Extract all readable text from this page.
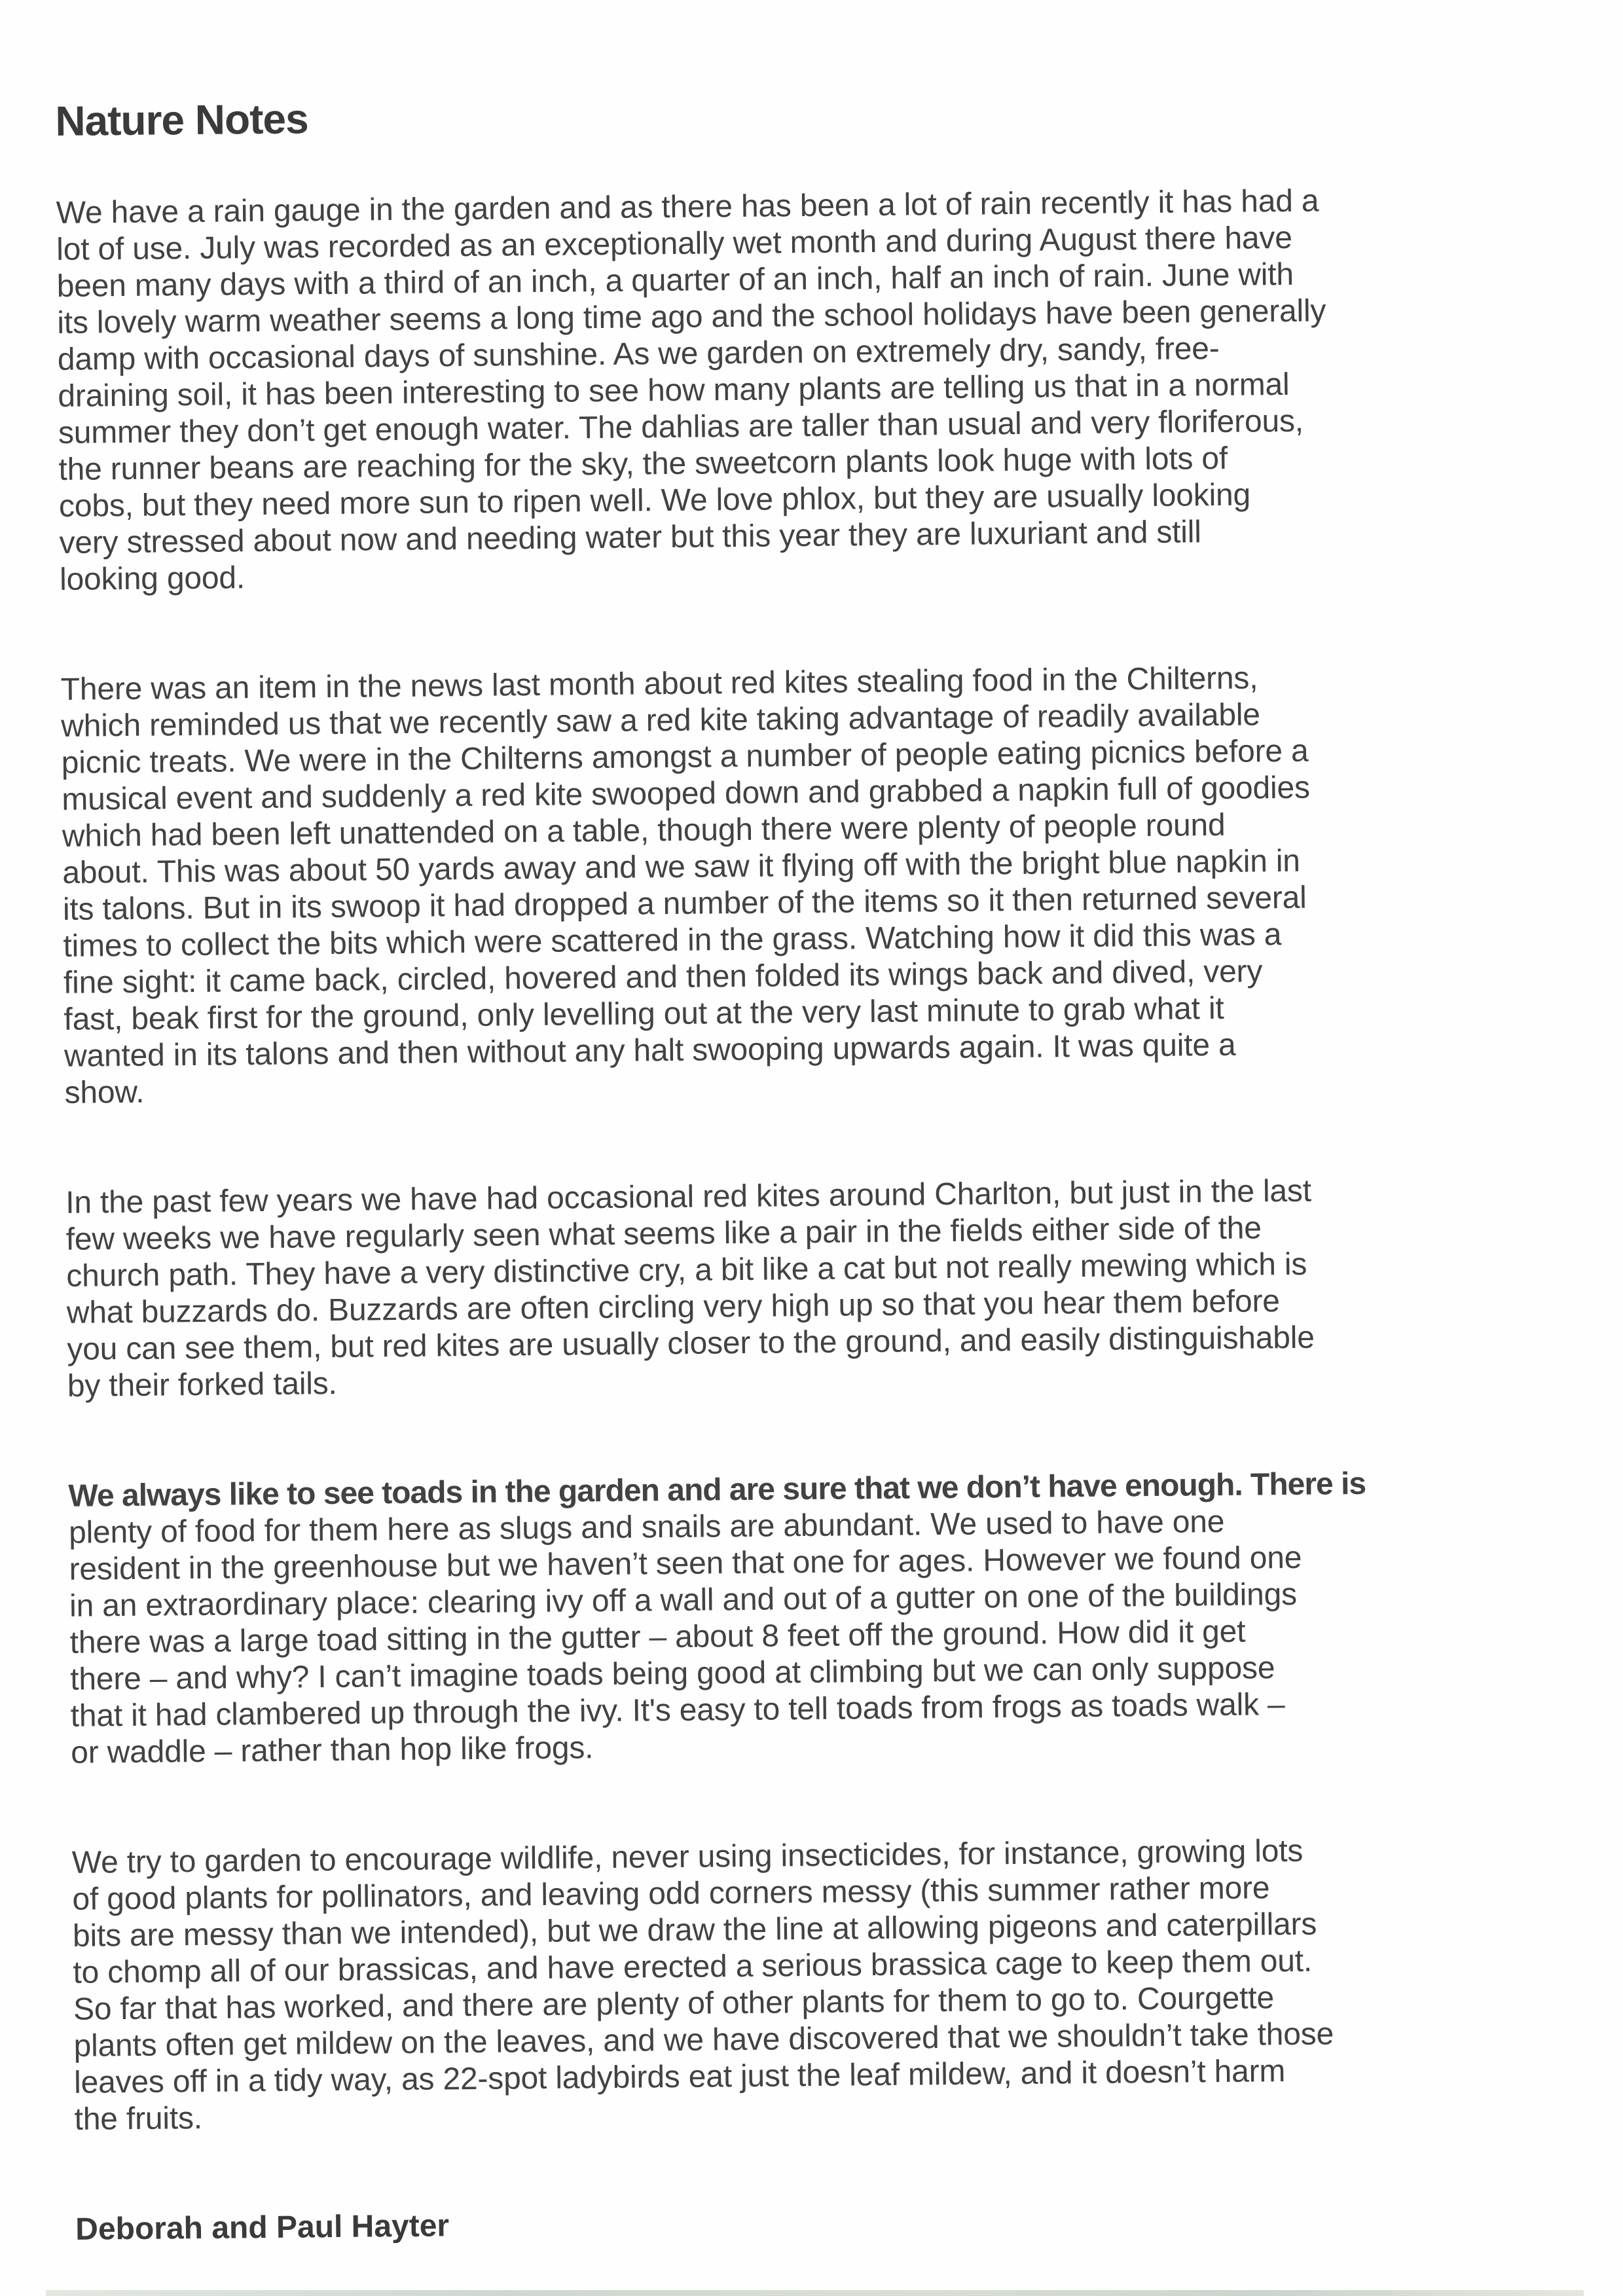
Nature Notes

We have a rain gauge in the garden and as there has been a lot of rain recently it has had a
lot of use. July was recorded as an exceptionally wet month and during August there have
been many days with a third of an inch, a quarter of an inch, half an inch of rain. June with
its lovely warm weather seems a long time ago and the school holidays have been generally
damp with occasional days of sunshine. As we garden on extremely dry, sandy, free-
draining soil, it has been interesting to see how many plants are telling us that in a normal
summer they don’t get enough water. The dahlias are taller than usual and very floriferous,
the runner beans are reaching for the sky, the sweetcorn plants look huge with lots of
cobs, but they need more sun to ripen well. We love phlox, but they are usually looking
very stressed about now and needing water but this year they are luxuriant and still
looking good.

There was an item in the news last month about red kites stealing food in the Chilterns,
which reminded us that we recently saw a red kite taking advantage of readily available
picnic treats. We were in the Chilterns amongst a number of people eating picnics before a
musical event and suddenly a red kite swooped down and grabbed a napkin full of goodies
which had been left unattended on a table, though there were plenty of people round
about. This was about 50 yards away and we saw it flying off with the bright blue napkin in
its talons. But in its swoop it had dropped a number of the items so it then returned several
times to collect the bits which were scattered in the grass. Watching how it did this was a
fine sight: it came back, circled, hovered and then folded its wings back and dived, very
fast, beak first for the ground, only levelling out at the very last minute to grab what it
wanted in its talons and then without any halt swooping upwards again. It was quite a
show.

In the past few years we have had occasional red kites around Charlton, but just in the last
few weeks we have regularly seen what seems like a pair in the fields either side of the
church path. They have a very distinctive cry, a bit like a cat but not really mewing which is
what buzzards do. Buzzards are often circling very high up so that you hear them before
you can see them, but red kites are usually closer to the ground, and easily distinguishable
by their forked tails.

We always like to see toads in the garden and are sure that we don’t have enough. There is
plenty of food for them here as slugs and snails are abundant. We used to have one
resident in the greenhouse but we haven’t seen that one for ages. However we found one
in an extraordinary place: clearing ivy off a wall and out of a gutter on one of the buildings
there was a large toad sitting in the gutter – about 8 feet off the ground. How did it get
there – and why? I can’t imagine toads being good at climbing but we can only suppose
that it had clambered up through the ivy. It's easy to tell toads from frogs as toads walk –
or waddle – rather than hop like frogs.

We try to garden to encourage wildlife, never using insecticides, for instance, growing lots
of good plants for pollinators, and leaving odd corners messy (this summer rather more
bits are messy than we intended), but we draw the line at allowing pigeons and caterpillars
to chomp all of our brassicas, and have erected a serious brassica cage to keep them out.
So far that has worked, and there are plenty of other plants for them to go to. Courgette
plants often get mildew on the leaves, and we have discovered that we shouldn’t take those
leaves off in a tidy way, as 22-spot ladybirds eat just the leaf mildew, and it doesn’t harm
the fruits.

Deborah and Paul Hayter
